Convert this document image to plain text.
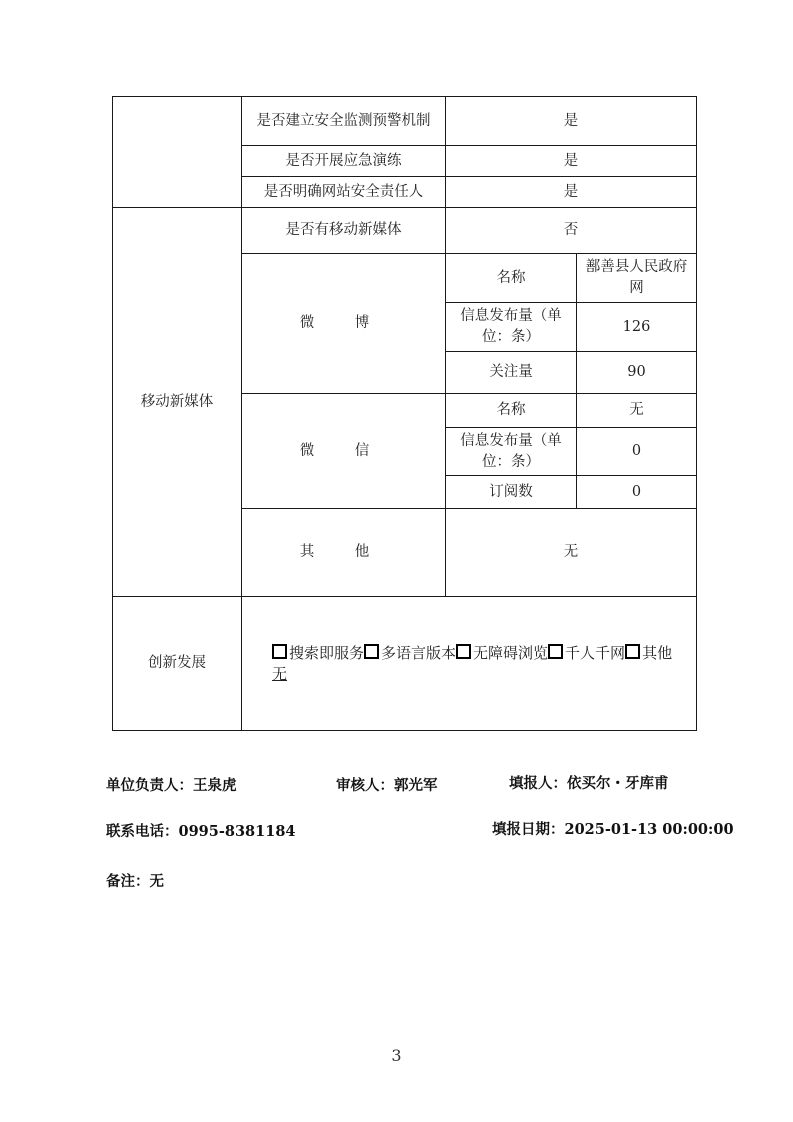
	是否建立安全监测预警机制	是	
	是否开展应急演练	是	
	是否明确网站安全责任人	是	
移动新媒体	是否有移动新媒体	否	
	微 博	名称	鄯善县人民政府网
		信息发布量（单位：条）	126
		关注量	90
	微 信	名称	无
		信息发布量（单位：条）	0
		订阅数	0
	其 他	无	
创新发展	搜索即服务 多语言版本 无障碍浏览 千人千网 其他
无		
单位负责人：王泉虎	审核人：郭光军	填报人：依买尔・牙库甫
联系电话：0995-8381184	填报日期：2025-01-13 00:00:00
备注：无
3
